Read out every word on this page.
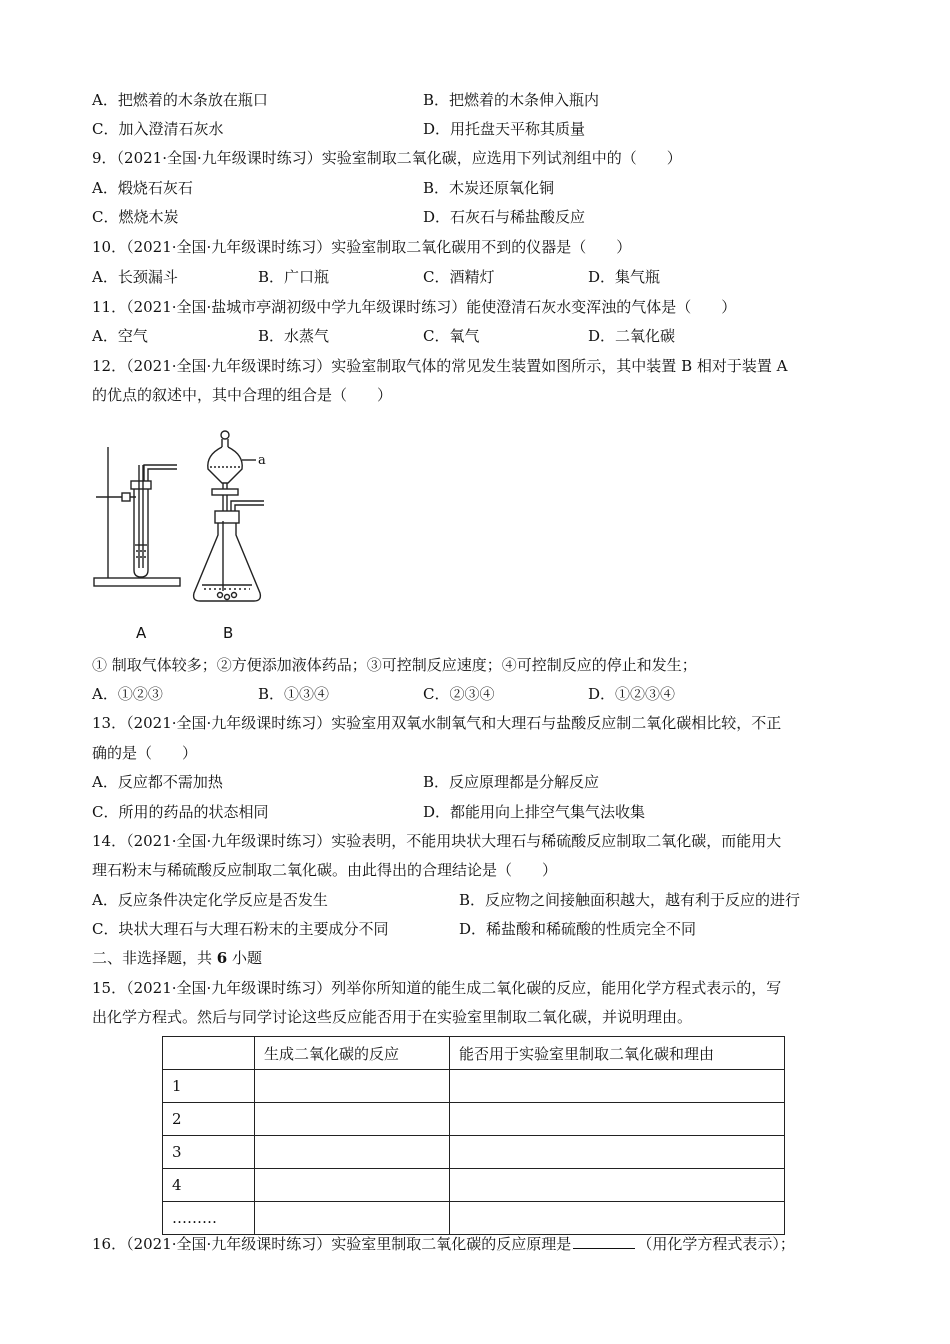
A．把燃着的木条放在瓶口	B．把燃着的木条伸入瓶内
C．加入澄清石灰水	D．用托盘天平称其质量
9．（2021·全国·九年级课时练习）实验室制取二氧化碳，应选用下列试剂组中的（　　）
A．煅烧石灰石	B．木炭还原氧化铜
C．燃烧木炭	D．石灰石与稀盐酸反应
10．（2021·全国·九年级课时练习）实验室制取二氧化碳用不到的仪器是（　　）
A．长颈漏斗	B．广口瓶	C．酒精灯	D．集气瓶
11．（2021·全国·盐城市亭湖初级中学九年级课时练习）能使澄清石灰水变浑浊的气体是（　　）
A．空气	B．水蒸气	C．氧气	D．二氧化碳
12．（2021·全国·九年级课时练习）实验室制取气体的常见发生装置如图所示，其中装置 B 相对于装置 A
的优点的叙述中，其中合理的组合是（　　）
a
A	B
① 制取气体较多；②方便添加液体药品；③可控制反应速度；④可控制反应的停止和发生；
A．①②③	B．①③④	C．②③④	D．①②③④
13．（2021·全国·九年级课时练习）实验室用双氧水制氧气和大理石与盐酸反应制二氧化碳相比较，不正
确的是（　　）
A．反应都不需加热	B．反应原理都是分解反应
C．所用的药品的状态相同	D．都能用向上排空气集气法收集
14．（2021·全国·九年级课时练习）实验表明，不能用块状大理石与稀硫酸反应制取二氧化碳，而能用大
理石粉末与稀硫酸反应制取二氧化碳。由此得出的合理结论是（　　）
A．反应条件决定化学反应是否发生	B．反应物之间接触面积越大，越有利于反应的进行
C．块状大理石与大理石粉末的主要成分不同	D．稀盐酸和稀硫酸的性质完全不同
二、非选择题，共 6 小题
15．（2021·全国·九年级课时练习）列举你所知道的能生成二氧化碳的反应，能用化学方程式表示的，写
出化学方程式。然后与同学讨论这些反应能否用于在实验室里制取二氧化碳，并说明理由。
	生成二氧化碳的反应	能否用于实验室里制取二氧化碳和理由
1		
2		
3		
4		
………		
16．（2021·全国·九年级课时练习）实验室里制取二氧化碳的反应原理是	（用化学方程式表示）；
